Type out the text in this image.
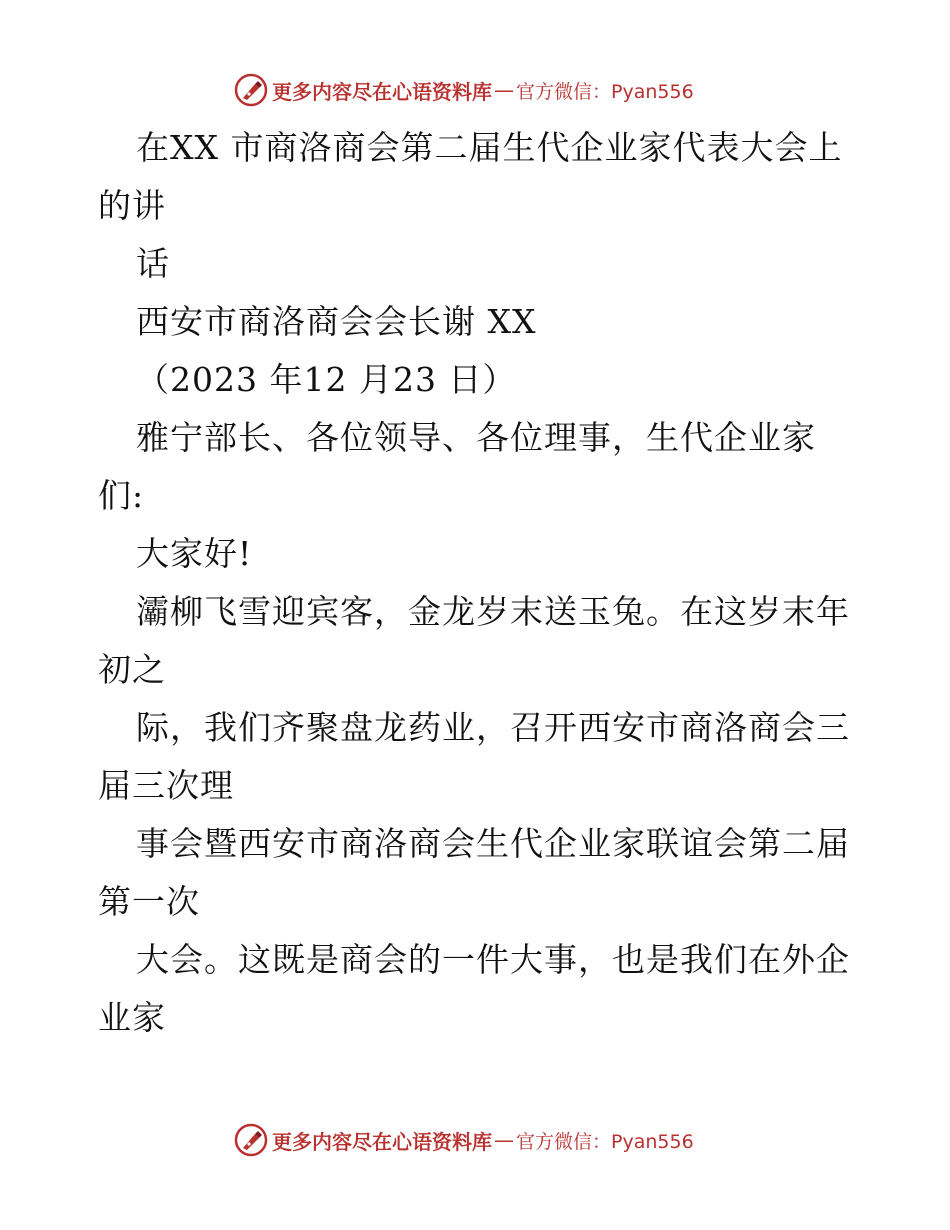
更多内容尽在心语资料库 — 官方微信：Pyan556
在XX 市商洛商会第二届生代企业家代表大会上
的讲
话
西安市商洛商会会长谢 XX
（2023 年12 月23 日）
雅宁部长、各位领导、各位理事，生代企业家
们:
大家好!
灞柳飞雪迎宾客，金龙岁末送玉兔。在这岁末年
初之
际，我们齐聚盘龙药业，召开西安市商洛商会三
届三次理
事会暨西安市商洛商会生代企业家联谊会第二届
第一次
大会。这既是商会的一件大事，也是我们在外企
业家
更多内容尽在心语资料库 — 官方微信：Pyan556
